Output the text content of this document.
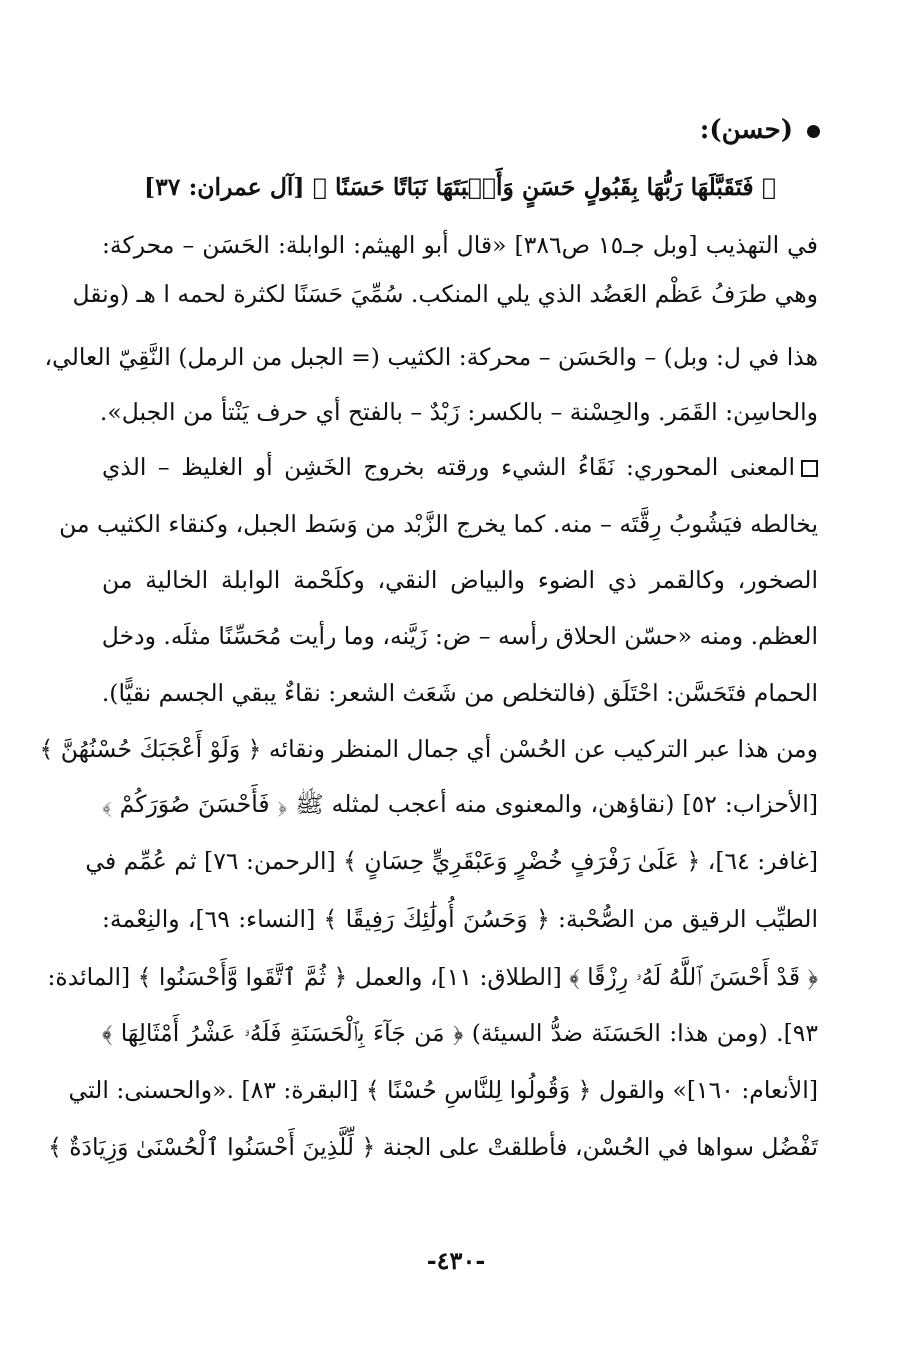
(حسن):
﴿ فَتَقَبَّلَهَا رَبُّهَا بِقَبُولٍ حَسَنٍ وَأَنۢبَتَهَا نَبَاتًا حَسَنًا ﴾ [آل عمران: ٣٧]
في التهذيب [وبل جـ١٥ ص٣٨٦] «قال أبو الهيثم: الوابلة: الحَسَن – محركة:
وهي طرَفُ عَظْم العَضُد الذي يلي المنكب. سُمِّيَ حَسَنًا لكثرة لحمه ا هـ (ونقل
هذا في ل: وبل) – والحَسَن – محركة: الكثيب (= الجبل من الرمل) النَّقِيّ العالي،
والحاسِن: القَمَر. والحِسْنة – بالكسر: زَبْدٌ – بالفتح أي حرف يَنْتأ من الجبل».
المعنى المحوري: نَقَاءُ الشيء ورقته بخروج الخَشِن أو الغليظ – الذي
يخالطه فيَشُوبُ رِقَّتَه – منه. كما يخرج الزَّبْد من وَسَط الجبل، وكنقاء الكثيب من
الصخور، وكالقمر ذي الضوء والبياض النقي، وكلَحْمة الوابلة الخالية من
العظم. ومنه «حسّن الحلاق رأسه – ض: زَيَّنه، وما رأيت مُحَسِّنًا مثلَه. ودخل
الحمام فتَحَسَّن: احْتَلَق (فالتخلص من شَعَث الشعر: نقاءٌ يبقي الجسم نقيًّا).
ومن هذا عبر التركيب عن الحُسْن أي جمال المنظر ونقائه ﴿ وَلَوْ أَعْجَبَكَ حُسْنُهُنَّ ﴾
[الأحزاب: ٥٢] (نقاؤهن، والمعنوى منه أعجب لمثله ﷺ ﴿ فَأَحْسَنَ صُوَرَكُمْ ﴾
[غافر: ٦٤]، ﴿ عَلَىٰ رَفْرَفٍ خُضْرٍ وَعَبْقَرِيٍّ حِسَانٍ ﴾ [الرحمن: ٧٦] ثم عُمِّم في
الطيِّب الرقيق من الصُّحْبة: ﴿ وَحَسُنَ أُولَٰئِكَ رَفِيقًا ﴾ [النساء: ٦٩]، والنِعْمة:
﴿ قَدْ أَحْسَنَ ٱللَّهُ لَهُۥ رِزْقًا ﴾ [الطلاق: ١١]، والعمل ﴿ ثُمَّ ٱتَّقَوا وَّأَحْسَنُوا ﴾ [المائدة:
٩٣]. (ومن هذا: الحَسَنَة ضدُّ السيئة) ﴿ مَن جَآءَ بِٱلْحَسَنَةِ فَلَهُۥ عَشْرُ أَمْثَالِهَا ﴾
[الأنعام: ١٦٠]» والقول ﴿ وَقُولُوا لِلنَّاسِ حُسْنًا ﴾ [البقرة: ٨٣] .«والحسنى: التي
تَفْضُل سواها في الحُسْن، فأطلقتْ على الجنة ﴿ لِّلَّذِينَ أَحْسَنُوا ٱلْحُسْنَىٰ وَزِيَادَةٌ ﴾
-٤٣٠-
